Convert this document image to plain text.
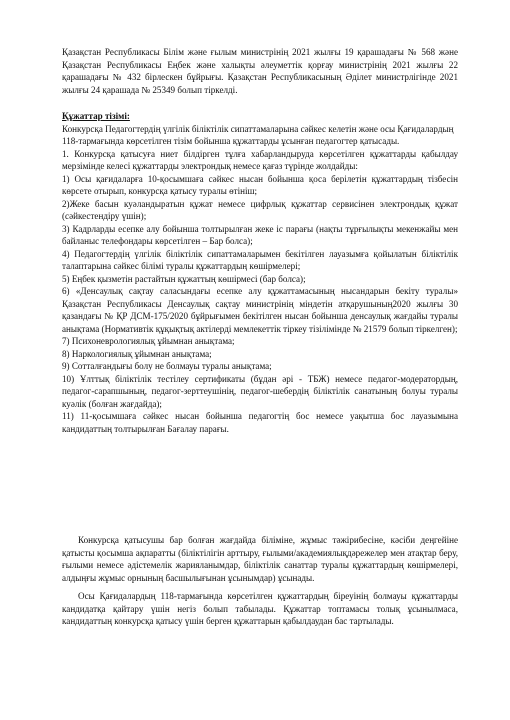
Қазақстан Республикасы Білім және ғылым министрінің 2021 жылғы 19 қарашадағы № 568 және Қазақстан Республикасы Еңбек және халықты әлеуметтік қорғау министрінің 2021 жылғы 22 қарашадағы № 432 бірлескен бұйрығы. Қазақстан Республикасының Әділет министрлігінде 2021 жылғы 24 қарашада № 25349 болып тіркелді.

Құжаттар тізімі:

Конкурсқа Педагогтердің үлгілік біліктілік сипаттамаларына сәйкес келетін және осы Қағидалардың 118-тармағында көрсетілген тізім бойынша құжаттарды ұсынған педагогтер қатысады.

1. Конкурсқа қатысуға ниет білдірген тұлға хабарландыруда көрсетілген құжаттарды қабылдау мерзімінде келесі құжаттарды электрондық немесе қағаз түрінде жолдайды:

1) Осы қағидаларға 10-қосымшаға сәйкес нысан бойынша қоса берілетін құжаттардың тізбесін көрсете отырып, конкурсқа қатысу туралы өтініш;

2)Жеке басын куәландыратын құжат немесе цифрлық құжаттар сервисінен электрондық құжат (сәйкестендіру үшін);

3) Кадрларды есепке алу бойынша толтырылған жеке іс парағы (нақты тұрғылықты мекенжайы мен байланыс телефондары көрсетілген – Бар болса);

4) Педагогтердің үлгілік біліктілік сипаттамаларымен бекітілген лауазымға қойылатын біліктілік талаптарына сәйкес білімі туралы құжаттардың көшірмелері;

5) Еңбек қызметін растайтын құжаттың көшірмесі (бар болса);

6) «Денсаулық сақтау саласындағы есепке алу құжаттамасының нысандарын бекіту туралы» Қазақстан Республикасы Денсаулық сақтау министрінің міндетін атқарушының2020 жылғы 30 қазандағы № ҚР ДСМ-175/2020 бұйрығымен бекітілген нысан бойынша денсаулық жағдайы туралы анықтама (Нормативтік құқықтық актілерді мемлекеттік тіркеу тізілімінде № 21579 болып тіркелген);

7) Психоневрологиялық ұйымнан анықтама;

8) Наркологиялық ұйымнан анықтама;

9) Сотталғандығы болу не болмауы туралы анықтама;

10) Ұлттық біліктілік тестілеу сертификаты (бұдан әрі - ТБЖ) немесе педагог-модератордың, педагог-сарапшының, педагог-зерттеушінің, педагог-шебердің біліктілік санатының болуы туралы куәлік (болған жағдайда);

11) 11-қосымшаға сәйкес нысан бойынша педагогтің бос немесе уақытша бос лауазымына кандидаттың толтырылған Бағалау парағы.

Конкурсқа қатысушы бар болған жағдайда біліміне, жұмыс тәжірибесіне, кәсіби деңгейіне қатысты қосымша ақпаратты (біліктілігін арттыру, ғылыми/академиялықдәрежелер мен атақтар беру, ғылыми немесе әдістемелік жарияланымдар, біліктілік санаттар туралы құжаттардың көшірмелері, алдыңғы жұмыс орнының басшылығынан ұсынымдар) ұсынады.

Осы Қағидалардың 118-тармағында көрсетілген құжаттардың біреуінің болмауы құжаттарды кандидатқа қайтару үшін негіз болып табылады. Құжаттар топтамасы толық ұсынылмаса, кандидаттың конкурсқа қатысу үшін берген құжаттарын қабылдаудан бас тартылады.
